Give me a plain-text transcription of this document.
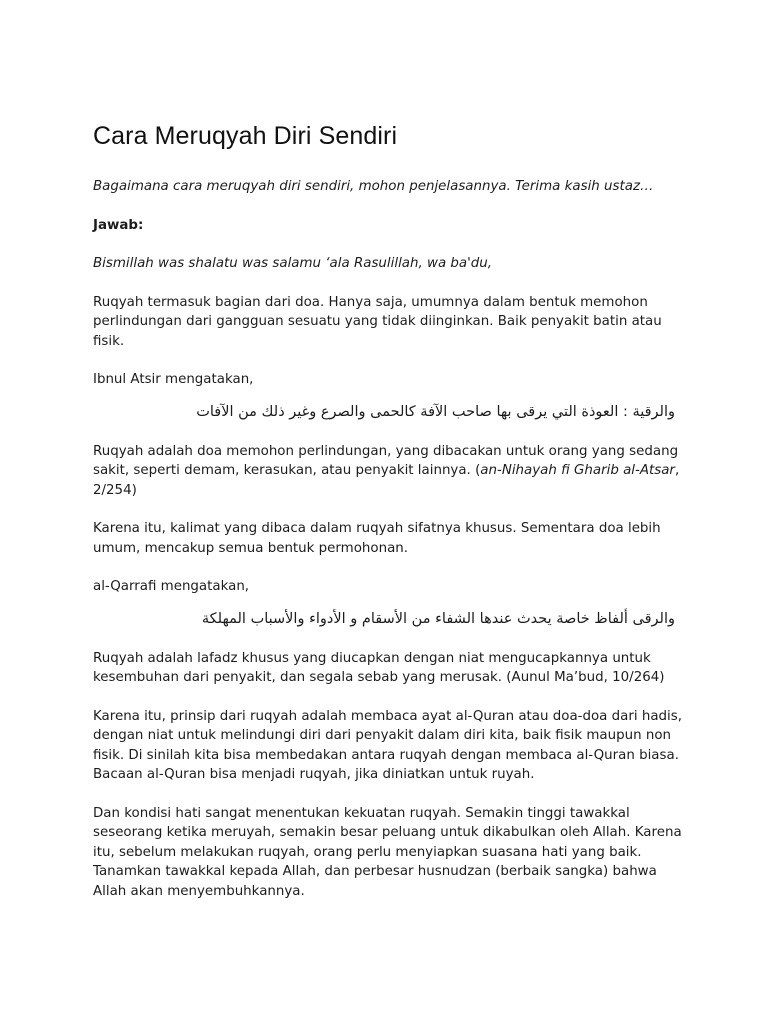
Cara Meruqyah Diri Sendiri

Bagaimana cara meruqyah diri sendiri, mohon penjelasannya. Terima kasih ustaz…

Jawab:

Bismillah was shalatu was salamu ‘ala Rasulillah, wa ba'du,

Ruqyah termasuk bagian dari doa. Hanya saja, umumnya dalam bentuk memohon perlindungan dari gangguan sesuatu yang tidak diinginkan. Baik penyakit batin atau fisik.

Ibnul Atsir mengatakan,

والرقية : العوذة التي يرقى بها صاحب الآفة كالحمى والصرع وغير ذلك من الآفات

Ruqyah adalah doa memohon perlindungan, yang dibacakan untuk orang yang sedang sakit, seperti demam, kerasukan, atau penyakit lainnya. (an-Nihayah fi Gharib al-Atsar, 2/254)

Karena itu, kalimat yang dibaca dalam ruqyah sifatnya khusus. Sementara doa lebih umum, mencakup semua bentuk permohonan.

al-Qarrafi mengatakan,

والرقى ألفاظ خاصة يحدث عندها الشفاء من الأسقام و الأدواء والأسباب المهلكة

Ruqyah adalah lafadz khusus yang diucapkan dengan niat mengucapkannya untuk kesembuhan dari penyakit, dan segala sebab yang merusak. (Aunul Ma’bud, 10/264)

Karena itu, prinsip dari ruqyah adalah membaca ayat al-Quran atau doa-doa dari hadis, dengan niat untuk melindungi diri dari penyakit dalam diri kita, baik fisik maupun non fisik. Di sinilah kita bisa membedakan antara ruqyah dengan membaca al-Quran biasa. Bacaan al-Quran bisa menjadi ruqyah, jika diniatkan untuk ruyah.

Dan kondisi hati sangat menentukan kekuatan ruqyah. Semakin tinggi tawakkal seseorang ketika meruyah, semakin besar peluang untuk dikabulkan oleh Allah. Karena itu, sebelum melakukan ruqyah, orang perlu menyiapkan suasana hati yang baik. Tanamkan tawakkal kepada Allah, dan perbesar husnudzan (berbaik sangka) bahwa Allah akan menyembuhkannya.
